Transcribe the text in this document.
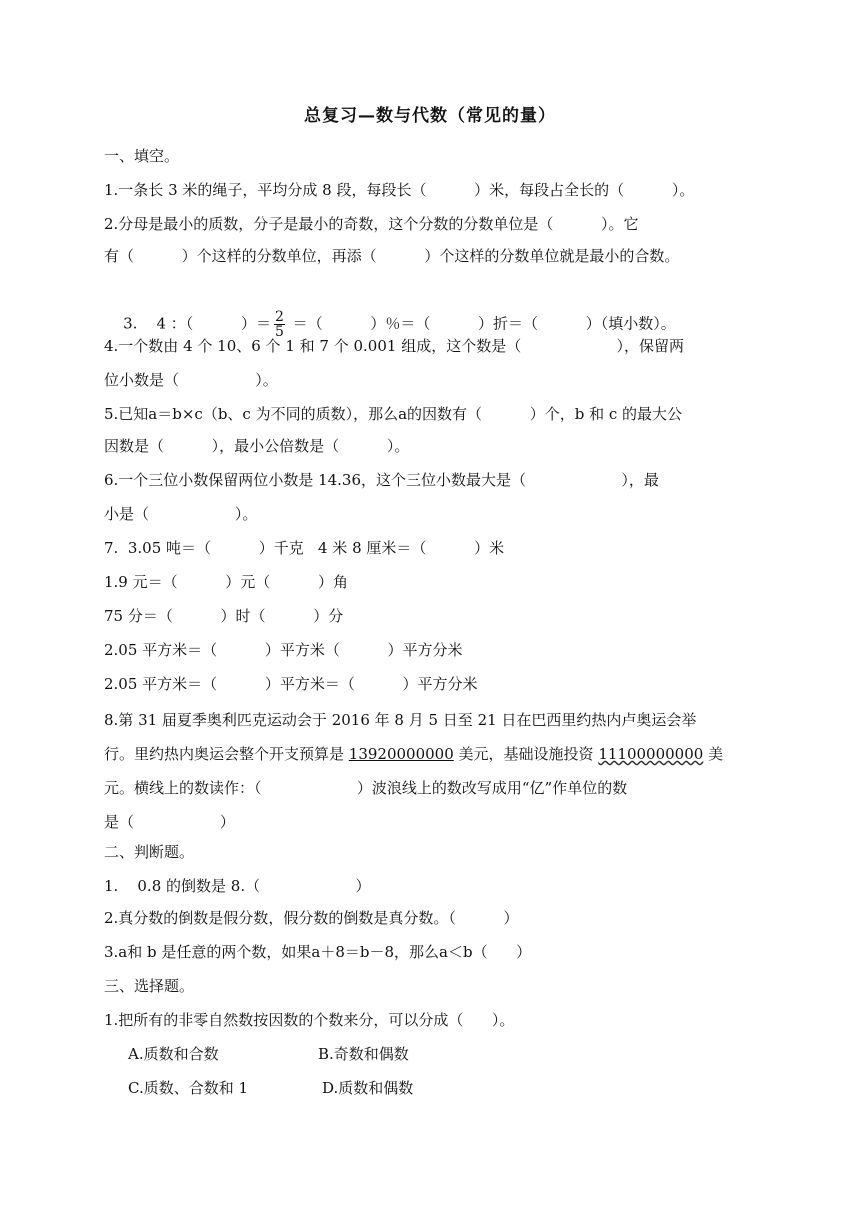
总复习—数与代数（常见的量）
一、填空。
1.一条长 3 米的绳子，平均分成 8 段，每段长（          ）米，每段占全长的（          ）。
2.分母是最小的质数，分子是最小的奇数，这个分数的分数单位是（          ）。它
有（          ）个这样的分数单位，再添（          ）个这样的分数单位就是最小的合数。

3.    4 ：（          ）＝ $\frac{2}{5}$ ＝（          ）％＝（          ）折＝（          ）（填小数）。

4.一个数由 4 个 10、6 个 1 和 7 个 0.001 组成，这个数是（                    ），保留两
位小数是（                ）。
5.已知a＝b×c（b、c 为不同的质数），那么a的因数有（          ）个，b 和 c 的最大公
因数是（          ），最小公倍数是（          ）。
6.一个三位小数保留两位小数是 14.36，这个三位小数最大是（                    ），最
小是（                  ）。
7.  3.05 吨＝（          ）千克   4 米 8 厘米＝（          ）米
1.9 元＝（          ）元（          ）角
75 分＝（          ）时（          ）分
2.05 平方米＝（          ）平方米（          ）平方分米
2.05 平方米＝（          ）平方米＝（          ）平方分米
8.第 31 届夏季奥利匹克运动会于 2016 年 8 月 5 日至 21 日在巴西里约热内卢奥运会举
行。里约热内奥运会整个开支预算是 13920000000 美元，基础设施投资 11100000000 美
元。横线上的数读作：（                    ）波浪线上的数改写成用“亿”作单位的数
是（                  ）
二、判断题。
1.    0.8 的倒数是 8.（                    ）
2.真分数的倒数是假分数，假分数的倒数是真分数。（          ）
3.a和 b 是任意的两个数，如果a＋8＝b－8，那么a＜b（      ）
三、选择题。
1.把所有的非零自然数按因数的个数来分，可以分成（      ）。
A.质数和合数	B.奇数和偶数
C.质数、合数和 1	D.质数和偶数
